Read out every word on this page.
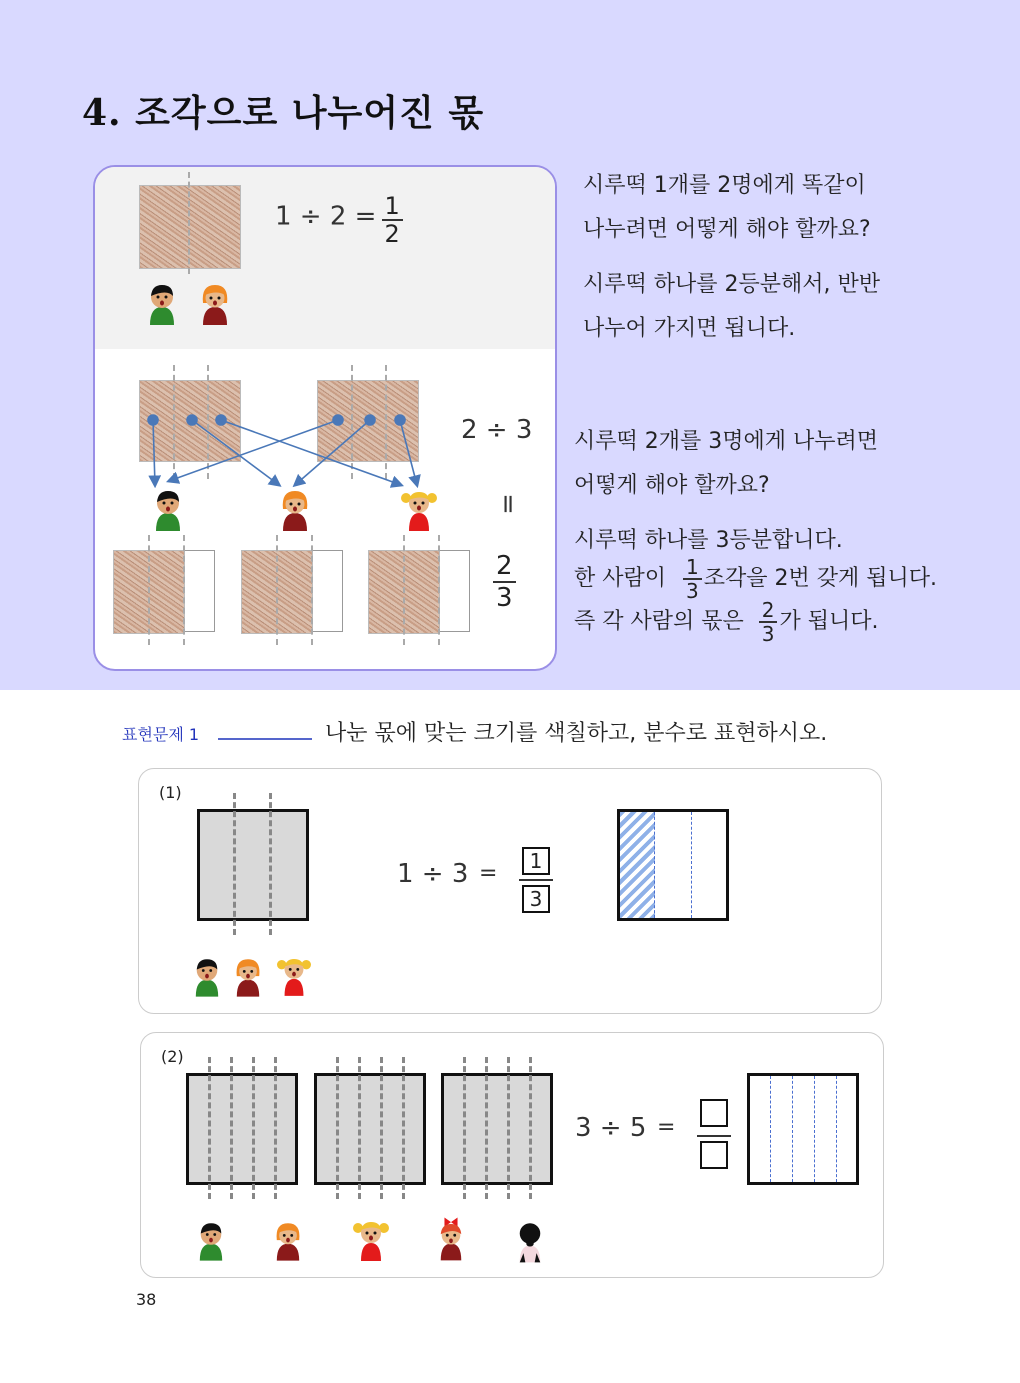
4. 조각으로 나누어진 몫
$1 \div 2 = \frac{1}{2}$
2 ÷ 3
=
$\frac{2}{3}$
시루떡 1개를 2명에게 똑같이
나누려면 어떻게 해야 할까요?
시루떡 하나를 2등분해서, 반반
나누어 가지면 됩니다.
시루떡 2개를 3명에게 나누려면
어떻게 해야 할까요?
시루떡 하나를 3등분합니다.
한 사람이 $\frac{1}{3}$ 조각을 2번 갖게 됩니다.
즉 각 사람의 몫은 $\frac{2}{3}$ 가 됩니다.
표현문제 1	나눈 몫에 맞는 크기를 색칠하고, 분수로 표현하시오.
(1)
$1 \div 3 = \frac{1}{3}$
(2)
3 ÷ 5 =
38
